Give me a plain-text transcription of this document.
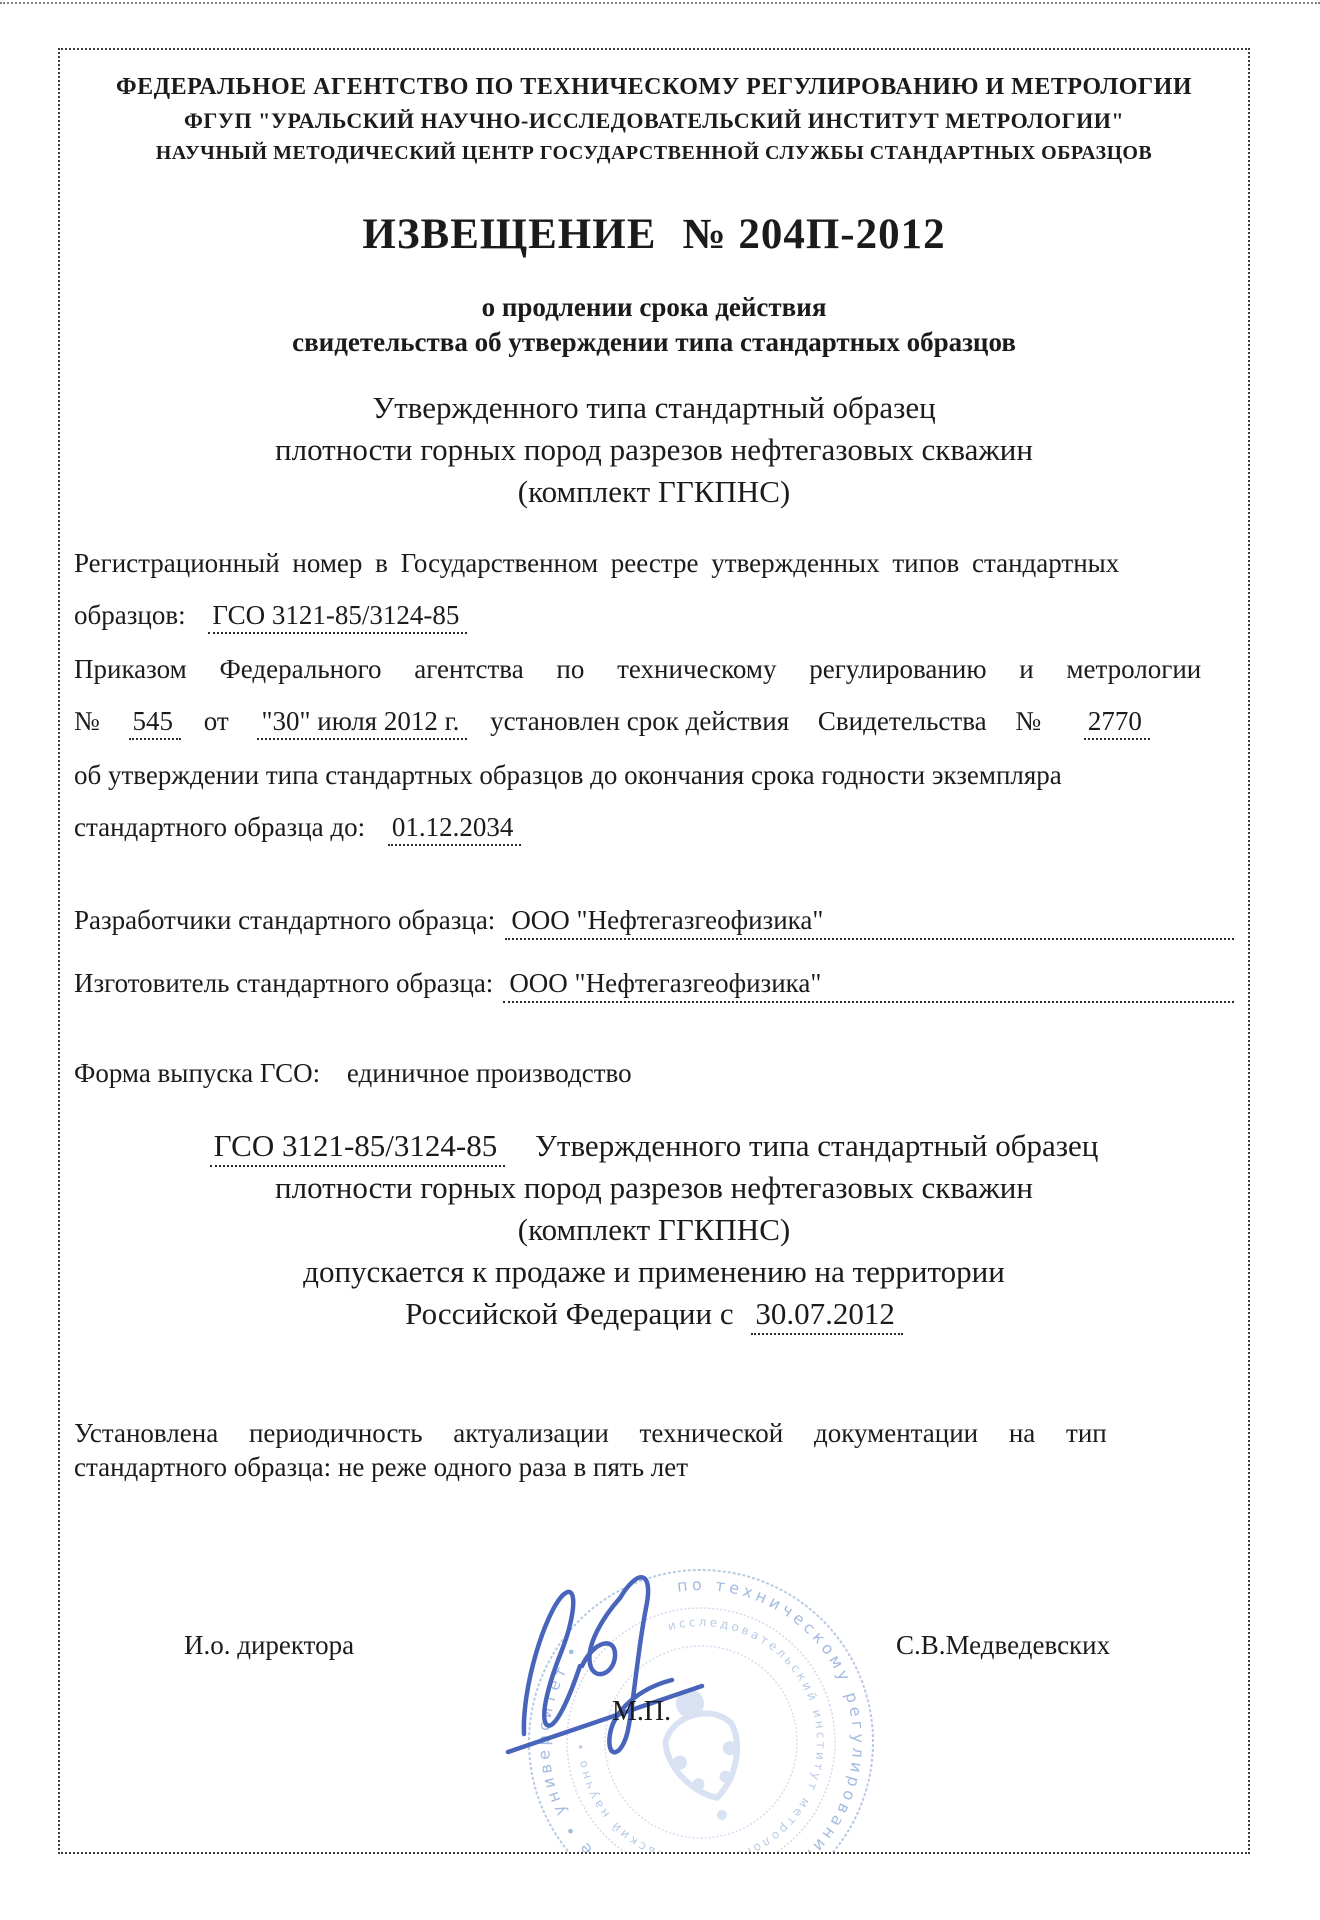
ФЕДЕРАЛЬНОЕ АГЕНТСТВО ПО ТЕХНИЧЕСКОМУ РЕГУЛИРОВАНИЮ И МЕТРОЛОГИИ
ФГУП "УРАЛЬСКИЙ НАУЧНО-ИССЛЕДОВАТЕЛЬСКИЙ ИНСТИТУТ МЕТРОЛОГИИ"
НАУЧНЫЙ МЕТОДИЧЕСКИЙ ЦЕНТР ГОСУДАРСТВЕННОЙ СЛУЖБЫ СТАНДАРТНЫХ ОБРАЗЦОВ
ИЗВЕЩЕНИЕ № 204П-2012
о продлении срока действия
свидетельства об утверждении типа стандартных образцов
Утвержденного типа стандартный образец
плотности горных пород разрезов нефтегазовых скважин
(комплект ГГКПНС)
Регистрационный номер в Государственном реестре утвержденных типов стандартных
образцов: ГСО 3121-85/3124-85
Приказом Федерального агентства по техническому регулированию и метрологии
№ 545 от "30" июля 2012 г. установлен срок действия Свидетельства № 2770
об утверждении типа стандартных образцов до окончания срока годности экземпляра
стандартного образца до: 01.12.2034
Разработчики стандартного образца: ООО "Нефтегазгеофизика"
Изготовитель стандартного образца: ООО "Нефтегазгеофизика"
Форма выпуска ГСО: единичное производство
ГСО 3121-85/3124-85 Утвержденного типа стандартный образец
плотности горных пород разрезов нефтегазовых скважин
(комплект ГГКПНС)
допускается к продаже и применению на территории
Российской Федерации с 30.07.2012
Установлена периодичность актуализации технической документации на тип
стандартного образца: не реже одного раза в пять лет
по техническому регулированию • государственное • университет •
исследовательский институт метрологии • уральский научно •
М.П.
И.о. директора	С.В.Медведевских
